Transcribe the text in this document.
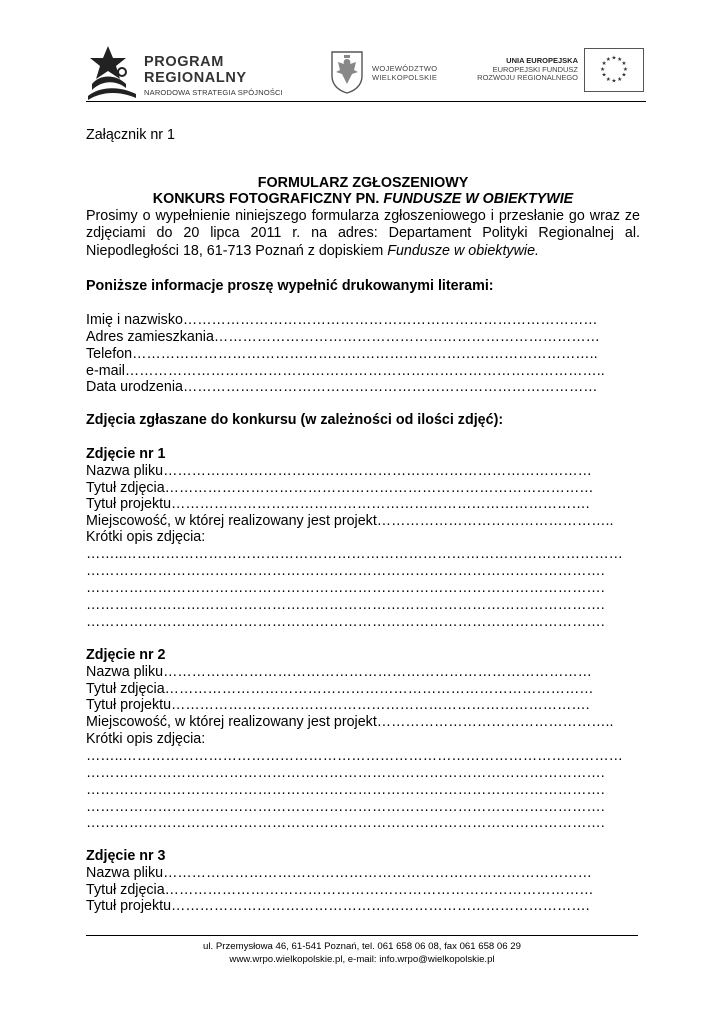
PROGRAM
REGIONALNY
NARODOWA STRATEGIA SPÓJNOŚCI
WOJEWÓDZTWO
WIELKOPOLSKIE
UNIA EUROPEJSKA
EUROPEJSKI FUNDUSZ
ROZWOJU REGIONALNEGO
★ ★
★
★
★
★
★
★
★
★
★
★
Załącznik nr 1
FORMULARZ ZGŁOSZENIOWY
KONKURS FOTOGRAFICZNY PN. FUNDUSZE W OBIEKTYWIE
Prosimy o wypełnienie niniejszego formularza zgłoszeniowego i przesłanie go wraz ze zdjęciami do 20 lipca 2011 r. na adres: Departament Polityki Regionalnej al. Niepodległości 18, 61-713 Poznań z dopiskiem Fundusze w obiektywie.
Poniższe informacje proszę wypełnić drukowanymi literami:
Imię i nazwisko……………………………………………………………………………
Adres zamieszkania………………………………………………………………………
Telefon……………………………………………………………………………………..
e-mail………………………………………………………………………………………..
Data urodzenia……………………………………………………………………………
Zdjęcia zgłaszane do konkursu (w zależności od ilości zdjęć):
Zdjęcie nr 1
Nazwa pliku………………………………………………………………………………
Tytuł zdjęcia………………………………………………………………………………
Tytuł projektu…………………………………………………………………………….
Miejscowość, w której realizowany jest projekt…………………………………………..
Krótki opis zdjęcia:
……..……………………………………………………………………………………………
……………………………………………………………………………………………….
……………………………………………………………………………………………….
……………………………………………………………………………………………….
……………………………………………………………………………………………….
Zdjęcie nr 2
Nazwa pliku………………………………………………………………………………
Tytuł zdjęcia………………………………………………………………………………
Tytuł projektu…………………………………………………………………………….
Miejscowość, w której realizowany jest projekt…………………………………………..
Krótki opis zdjęcia:
……..……………………………………………………………………………………………
……………………………………………………………………………………………….
……………………………………………………………………………………………….
……………………………………………………………………………………………….
……………………………………………………………………………………………….
Zdjęcie nr 3
Nazwa pliku………………………………………………………………………………
Tytuł zdjęcia………………………………………………………………………………
Tytuł projektu…………………………………………………………………………….
ul. Przemysłowa 46, 61-541 Poznań, tel. 061 658 06 08, fax 061 658 06 29
www.wrpo.wielkopolskie.pl, e-mail: info.wrpo@wielkopolskie.pl
